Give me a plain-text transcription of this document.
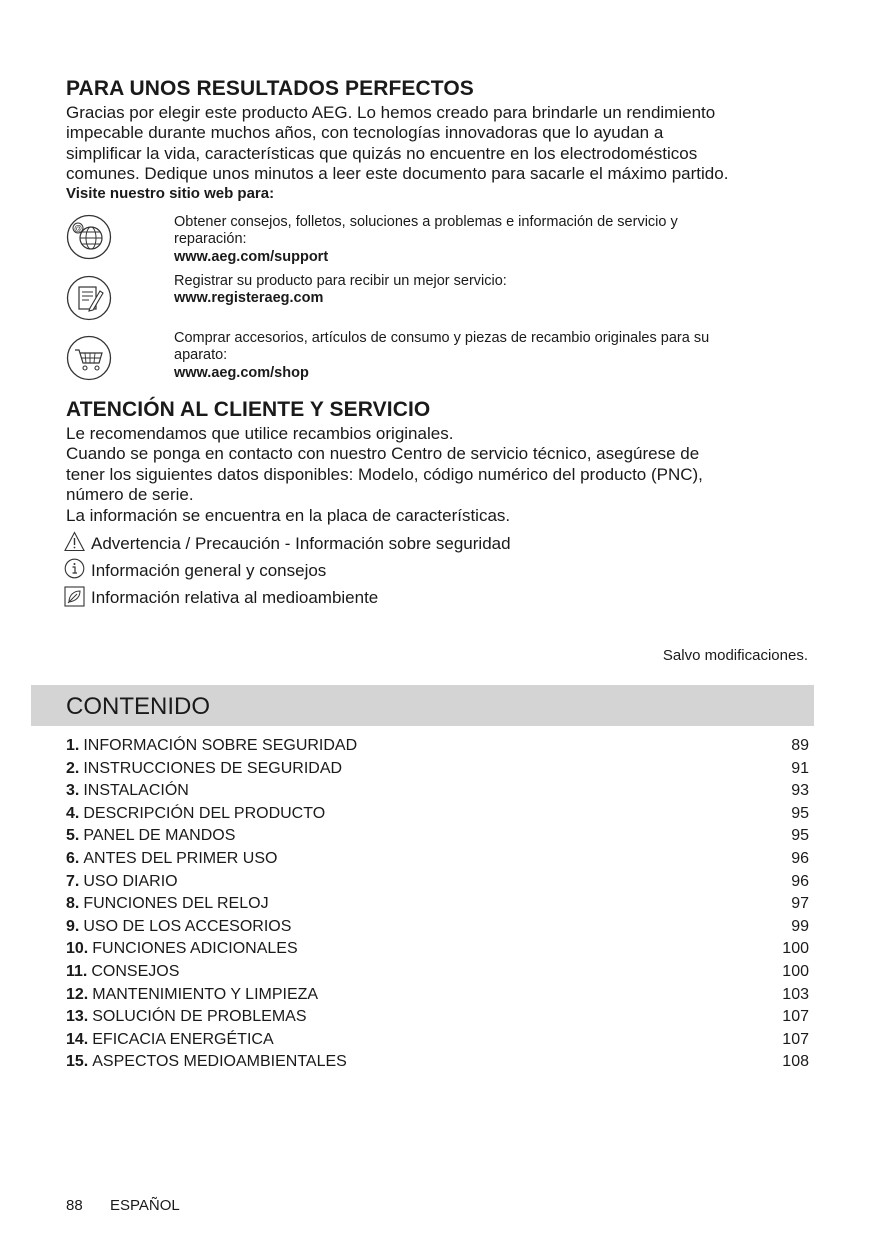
PARA UNOS RESULTADOS PERFECTOS
Gracias por elegir este producto AEG. Lo hemos creado para brindarle un rendimiento
impecable durante muchos años, con tecnologías innovadoras que lo ayudan a
simplificar la vida, características que quizás no encuentre en los electrodomésticos
comunes. Dedique unos minutos a leer este documento para sacarle el máximo partido.
Visite nuestro sitio web para:
@	Obtener consejos, folletos, soluciones a problemas e información de servicio y
reparación:
www.aeg.com/support
Registrar su producto para recibir un mejor servicio:
www.registeraeg.com
Comprar accesorios, artículos de consumo y piezas de recambio originales para su
aparato:
www.aeg.com/shop
ATENCIÓN AL CLIENTE Y SERVICIO
Le recomendamos que utilice recambios originales.
Cuando se ponga en contacto con nuestro Centro de servicio técnico, asegúrese de
tener los siguientes datos disponibles: Modelo, código numérico del producto (PNC),
número de serie.
La información se encuentra en la placa de características.
Advertencia / Precaución - Información sobre seguridad
Información general y consejos
Información relativa al medioambiente
Salvo modificaciones.
CONTENIDO
1. INFORMACIÓN SOBRE SEGURIDAD	89
2. INSTRUCCIONES DE SEGURIDAD	91
3. INSTALACIÓN	93
4. DESCRIPCIÓN DEL PRODUCTO	95
5. PANEL DE MANDOS	95
6. ANTES DEL PRIMER USO	96
7. USO DIARIO	96
8. FUNCIONES DEL RELOJ	97
9. USO DE LOS ACCESORIOS	99
10. FUNCIONES ADICIONALES	100
11. CONSEJOS	100
12. MANTENIMIENTO Y LIMPIEZA	103
13. SOLUCIÓN DE PROBLEMAS	107
14. EFICACIA ENERGÉTICA	107
15. ASPECTOS MEDIOAMBIENTALES	108
88 ESPAÑOL
